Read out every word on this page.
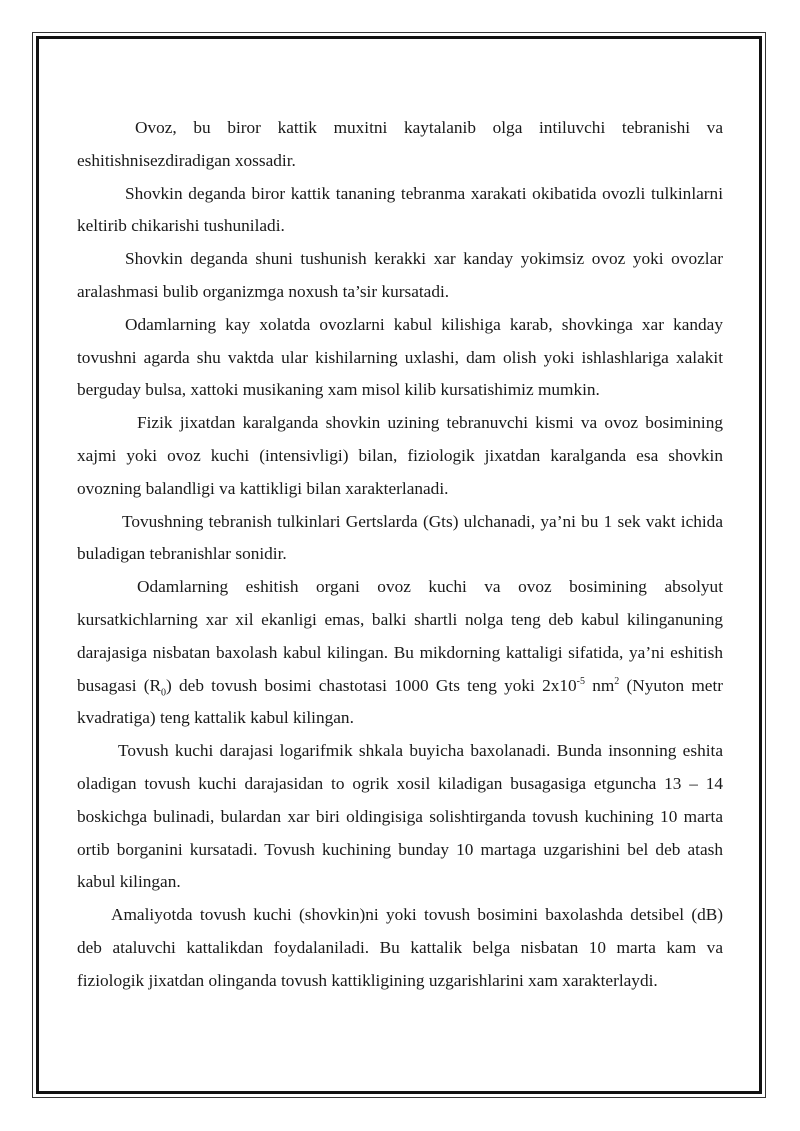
Ovoz, bu biror kattik muxitni kaytalanib olga intiluvchi tebranishi va eshitishnisezdiradigan xossadir.

Shovkin deganda biror kattik tananing tebranma xarakati okibatida ovozli tulkinlarni keltirib chikarishi tushuniladi.

Shovkin deganda shuni tushunish kerakki xar kanday yokimsiz ovoz yoki ovozlar aralashmasi bulib organizmga noxush ta’sir kursatadi.

Odamlarning kay xolatda ovozlarni kabul kilishiga karab, shovkinga xar kanday tovushni agarda shu vaktda ular kishilarning uxlashi, dam olish yoki ishlashlariga xalakit berguday bulsa, xattoki musikaning xam misol kilib kursatishimiz mumkin.

Fizik jixatdan karalganda shovkin uzining tebranuvchi kismi va ovoz bosimining xajmi yoki ovoz kuchi (intensivligi) bilan, fiziologik jixatdan karalganda esa shovkin ovozning balandligi va kattikligi bilan xarakterlanadi.

Tovushning tebranish tulkinlari Gertslarda (Gts) ulchanadi, ya’ni bu 1 sek vakt ichida buladigan tebranishlar sonidir.

Odamlarning eshitish organi ovoz kuchi va ovoz bosimining absolyut kursatkichlarning xar xil ekanligi emas, balki shartli nolga teng deb kabul kilinganuning darajasiga nisbatan baxolash kabul kilingan. Bu mikdorning kattaligi sifatida, ya’ni eshitish busagasi $(R_0)$ deb tovush bosimi chastotasi 1000 Gts teng yoki $2x10^{-5}$ $nm^2$ (Nyuton metr kvadratiga) teng kattalik kabul kilingan.

Tovush kuchi darajasi logarifmik shkala buyicha baxolanadi. Bunda insonning eshita oladigan tovush kuchi darajasidan to ogrik xosil kiladigan busagasiga etguncha 13 – 14 boskichga bulinadi, bulardan xar biri oldingisiga solishtirganda tovush kuchining 10 marta ortib borganini kursatadi. Tovush kuchining bunday 10 martaga uzgarishini bel deb atash kabul kilingan.

Amaliyotda tovush kuchi (shovkin)ni yoki tovush bosimini baxolashda detsibel (dB) deb ataluvchi kattalikdan foydalaniladi. Bu kattalik belga nisbatan 10 marta kam va fiziologik jixatdan olinganda tovush kattikligining uzgarishlarini xam xarakterlaydi.
